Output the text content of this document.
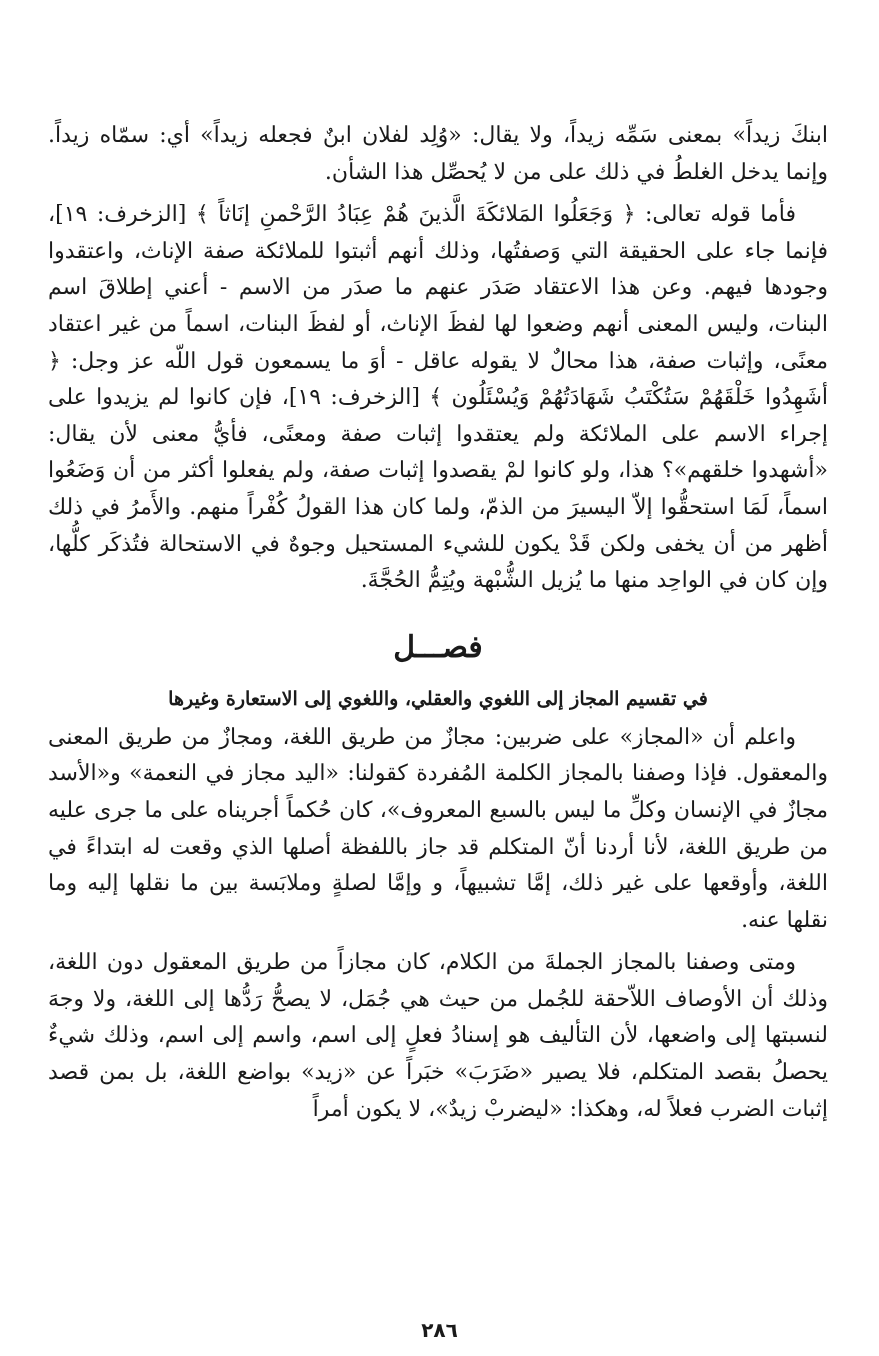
ابنكَ زيداً» بمعنى سَمِّه زيداً، ولا يقال: «وُلِد لفلان ابنٌ فجعله زيداً» أي: سمّاه زيداً. وإنما يدخل الغلطُ في ذلك على من لا يُحصِّل هذا الشأن.

فأما قوله تعالى: ﴿ وَجَعَلُوا المَلائكَةَ الَّذينَ هُمْ عِبَادُ الرَّحْمنِ إنَاثاً ﴾ [الزخرف: ١٩]، فإنما جاء على الحقيقة التي وَصفتُها، وذلك أنهم أثبتوا للملائكة صفة الإناث، واعتقدوا وجودها فيهم. وعن هذا الاعتقاد صَدَر عنهم ما صدَر من الاسم - أعني إطلاقَ اسم البنات، وليس المعنى أنهم وضعوا لها لفظَ الإناث، أو لفظَ البنات، اسماً من غير اعتقاد معنًى، وإثبات صفة، هذا محالٌ لا يقوله عاقل - أوَ ما يسمعون قول اللّه عز وجل: ﴿ أشَهِدُوا خَلْقَهُمْ سَتُكْتَبُ شَهَادَتُهُمْ وَيُسْئَلُون ﴾ [الزخرف: ١٩]، فإن كانوا لم يزيدوا على إجراء الاسم على الملائكة ولم يعتقدوا إثبات صفة ومعنًى، فأيُّ معنى لأن يقال: «أشهدوا خلقهم»؟ هذا، ولو كانوا لمْ يقصدوا إثبات صفة، ولم يفعلوا أكثر من أن وَضَعُوا اسماً، لَمَا استحقُّوا إلاّ اليسيرَ من الذمّ، ولما كان هذا القولُ كُفْراً منهم. والأَمرُ في ذلك أظهر من أن يخفى ولكن قَدْ يكون للشيء المستحيل وجوهٌ في الاستحالة فتُذكَر كلُّها، وإن كان في الواحِد منها ما يُزيل الشُّبْهة ويُتِمُّ الحُجَّةَ.

فصـــل
في تقسيم المجاز إلى اللغوي والعقلي، واللغوي إلى الاستعارة وغيرها

واعلم أن «المجاز» على ضربين: مجازٌ من طريق اللغة، ومجازٌ من طريق المعنى والمعقول. فإذا وصفنا بالمجاز الكلمة المُفردة كقولنا: «اليد مجاز في النعمة» و«الأسد مجازٌ في الإنسان وكلِّ ما ليس بالسبع المعروف»، كان حُكماً أجريناه على ما جرى عليه من طريق اللغة، لأنا أردنا أنّ المتكلم قد جاز باللفظة أصلها الذي وقعت له ابتداءً في اللغة، وأوقعها على غير ذلك، إمَّا تشبيهاً، و وإمَّا لصلةٍ وملابَسة بين ما نقلها إليه وما نقلها عنه.

ومتى وصفنا بالمجاز الجملةَ من الكلام، كان مجازاً من طريق المعقول دون اللغة، وذلك أن الأوصاف اللاّحقة للجُمل من حيث هي جُمَل، لا يصحُّ رَدُّها إلى اللغة، ولا وجهَ لنسبتها إلى واضعها، لأن التأليف هو إسنادُ فعلٍ إلى اسم، واسم إلى اسم، وذلك شيءٌ يحصلُ بقصد المتكلم، فلا يصير «ضَرَبَ» خبَراً عن «زيد» بواضع اللغة، بل بمن قصد إثبات الضرب فعلاً له، وهكذا: «ليضربْ زيدٌ»، لا يكون أمراً

٢٨٦
